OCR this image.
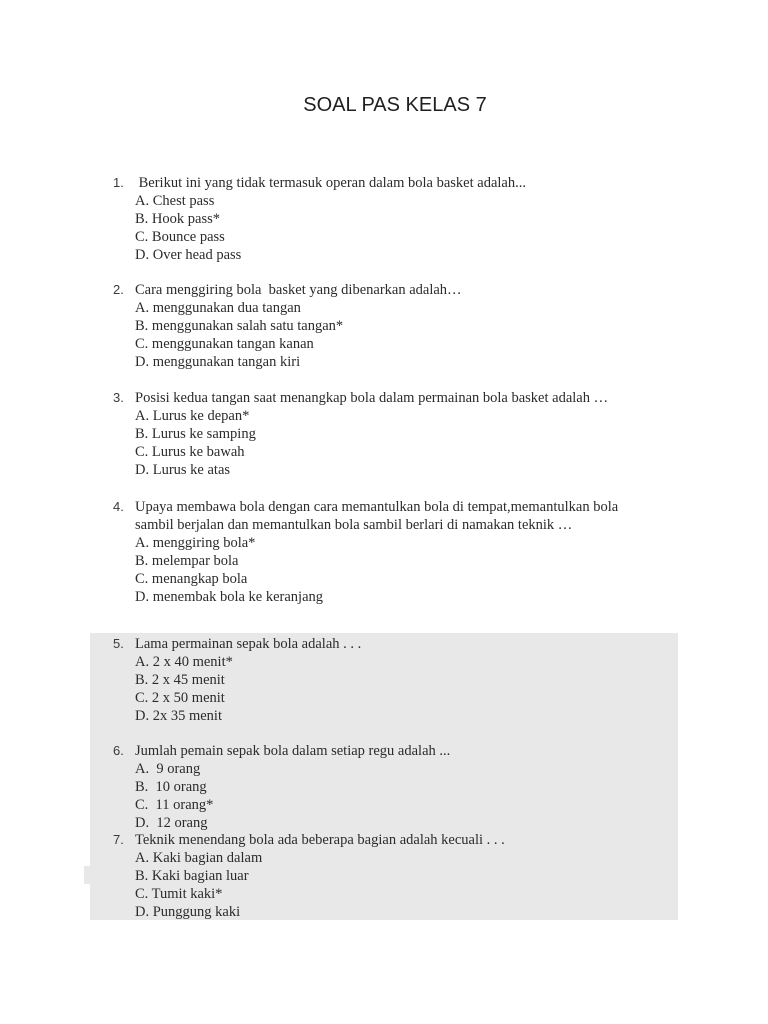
SOAL PAS KELAS 7
1. Berikut ini yang tidak termasuk operan dalam bola basket adalah...
A. Chest pass
B. Hook pass*
C. Bounce pass
D. Over head pass
2. Cara menggiring bola  basket yang dibenarkan adalah…
A. menggunakan dua tangan
B. menggunakan salah satu tangan*
C. menggunakan tangan kanan
D. menggunakan tangan kiri
3. Posisi kedua tangan saat menangkap bola dalam permainan bola basket adalah …
A. Lurus ke depan*
B. Lurus ke samping
C. Lurus ke bawah
D. Lurus ke atas
4. Upaya membawa bola dengan cara memantulkan bola di tempat,memantulkan bola sambil berjalan dan memantulkan bola sambil berlari di namakan teknik …
A. menggiring bola*
B. melempar bola
C. menangkap bola
D. menembak bola ke keranjang
5. Lama permainan sepak bola adalah . . .
A. 2 x 40 menit*
B. 2 x 45 menit
C. 2 x 50 menit
D. 2x 35 menit
6. Jumlah pemain sepak bola dalam setiap regu adalah ...
A.  9 orang
B.  10 orang
C.  11 orang*
D.  12 orang
7. Teknik menendang bola ada beberapa bagian adalah kecuali . . .
A. Kaki bagian dalam
B. Kaki bagian luar
C. Tumit kaki*
D. Punggung kaki
